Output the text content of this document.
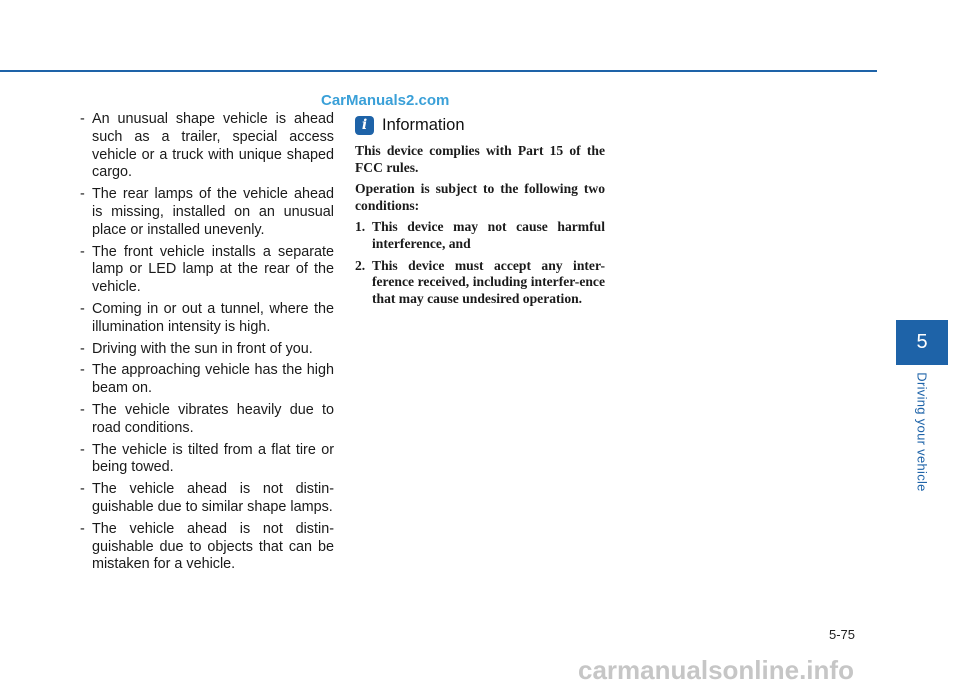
CarManuals2.com
- An unusual shape vehicle is ahead such as a trailer, special access vehicle or a truck with unique shaped cargo.
- The rear lamps of the vehicle ahead is missing, installed on an unusual place or installed unevenly.
- The front vehicle installs a separate lamp or LED lamp at the rear of the vehicle.
- Coming in or out a tunnel, where the illumination intensity is high.
- Driving with the sun in front of you.
- The approaching vehicle has the high beam on.
- The vehicle vibrates heavily due to road conditions.
- The vehicle is tilted from a flat tire or being towed.
- The vehicle ahead is not distin-guishable due to similar shape lamps.
- The vehicle ahead is not distin-guishable due to objects that can be mistaken for a vehicle.
i Information

This device complies with Part 15 of the FCC rules.

Operation is subject to the following two conditions:

1. This device may not cause harmful interference, and
2. This device must accept any inter-ference received, including interfer-ence that may cause undesired operation.
5
Driving your vehicle
5-75
carmanualsonline.info
